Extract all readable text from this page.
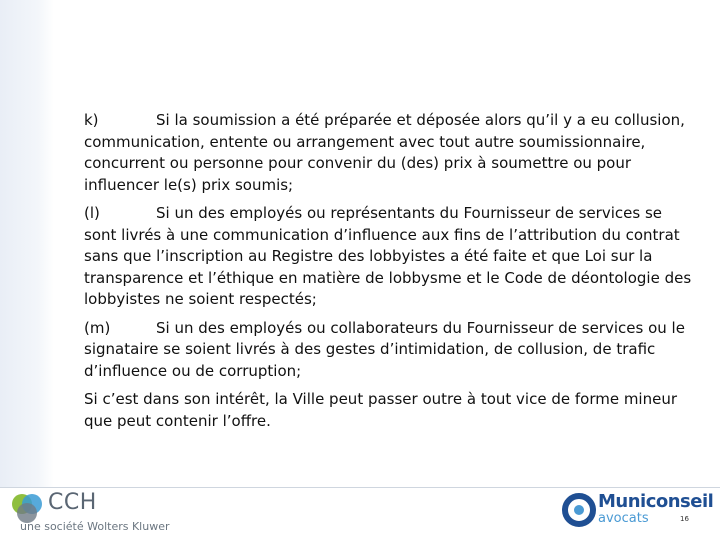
k)	Si la soumission a été préparée et déposée alors qu’il y a eu collusion, communication, entente ou arrangement avec tout autre soumissionnaire, concurrent ou personne pour convenir du (des) prix à soumettre ou pour influencer le(s) prix soumis;

(l)	Si un des employés ou représentants du Fournisseur de services se sont livrés à une communication d’influence aux fins de l’attribution du contrat sans que l’inscription au Registre des lobbyistes a été faite et que Loi sur la transparence et l’éthique en matière de lobbysme et le Code de déontologie des lobbyistes ne soient respectés;

(m)	Si un des employés ou collaborateurs du Fournisseur de services ou le signataire se soient livrés à des gestes d’intimidation, de collusion, de trafic d’influence ou de corruption;

Si c’est dans son intérêt, la Ville peut passer outre à tout vice de forme mineur que peut contenir l’offre.

CCH
une société Wolters Kluwer
Municonseil
avocats	16
